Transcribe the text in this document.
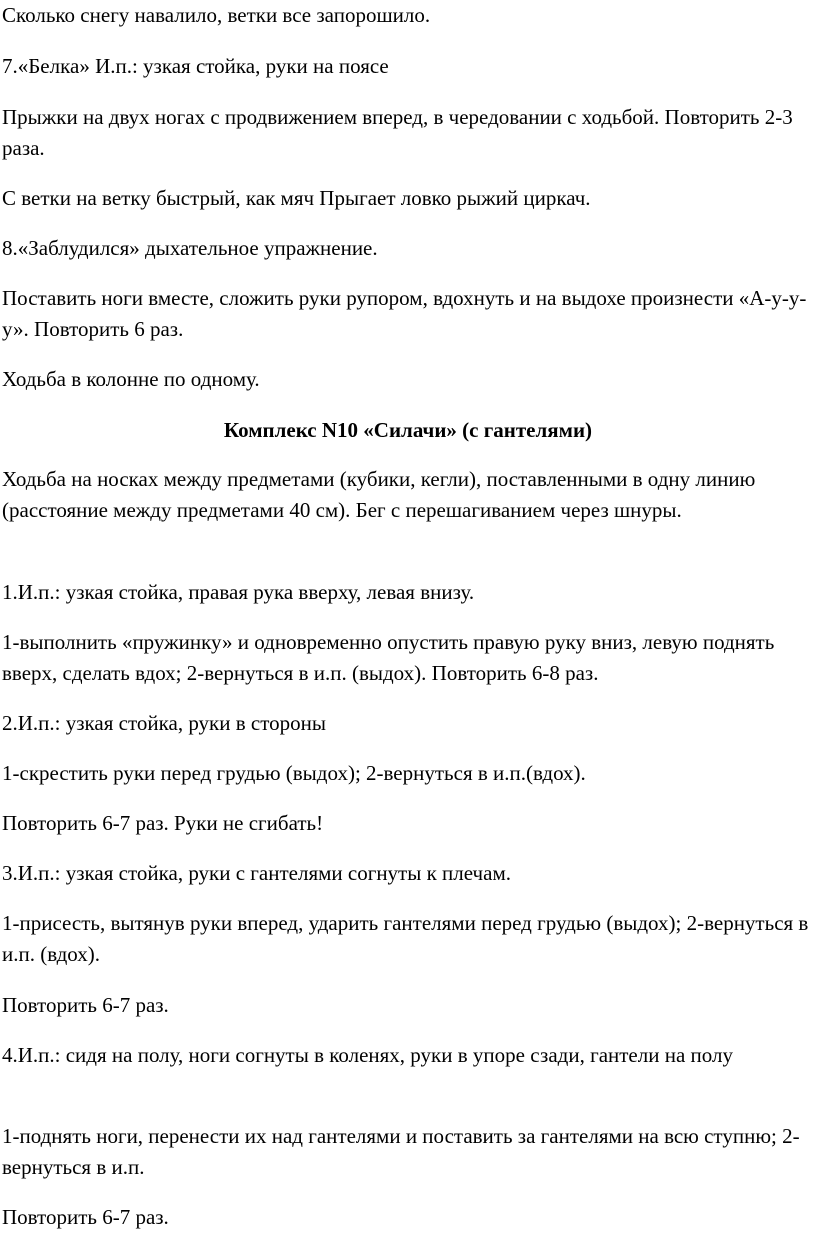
Сколько снегу навалило, ветки все запорошило.

7.«Белка» И.п.: узкая стойка, руки на поясе

Прыжки на двух ногах с продвижением вперед, в чередовании с ходьбой. Повторить 2-3 раза.

С ветки на ветку быстрый, как мяч Прыгает ловко рыжий циркач.

8.«Заблудился» дыхательное упражнение.

Поставить ноги вместе, сложить руки рупором, вдохнуть и на выдохе произнести «А-у-у-у». Повторить 6 раз.

Ходьба в колонне по одному.

Комплекс N10 «Силачи» (с гантелями)

Ходьба на носках между предметами (кубики, кегли), поставленными в одну линию (расстояние между предметами 40 см). Бег с перешагиванием через шнуры.

1.И.п.: узкая стойка, правая рука вверху, левая внизу.

1-выполнить «пружинку» и одновременно опустить правую руку вниз, левую поднять вверх, сделать вдох; 2-вернуться в и.п. (выдох). Повторить 6-8 раз.

2.И.п.: узкая стойка, руки в стороны

1-скрестить руки перед грудью (выдох); 2-вернуться в и.п.(вдох).

Повторить 6-7 раз. Руки не сгибать!

3.И.п.: узкая стойка, руки с гантелями согнуты к плечам.

1-присесть, вытянув руки вперед, ударить гантелями перед грудью (выдох); 2-вернуться в и.п. (вдох).

Повторить 6-7 раз.

4.И.п.: сидя на полу, ноги согнуты в коленях, руки в упоре сзади, гантели на полу

1-поднять ноги, перенести их над гантелями и поставить за гантелями на всю ступню; 2-вернуться в и.п.

Повторить 6-7 раз.
